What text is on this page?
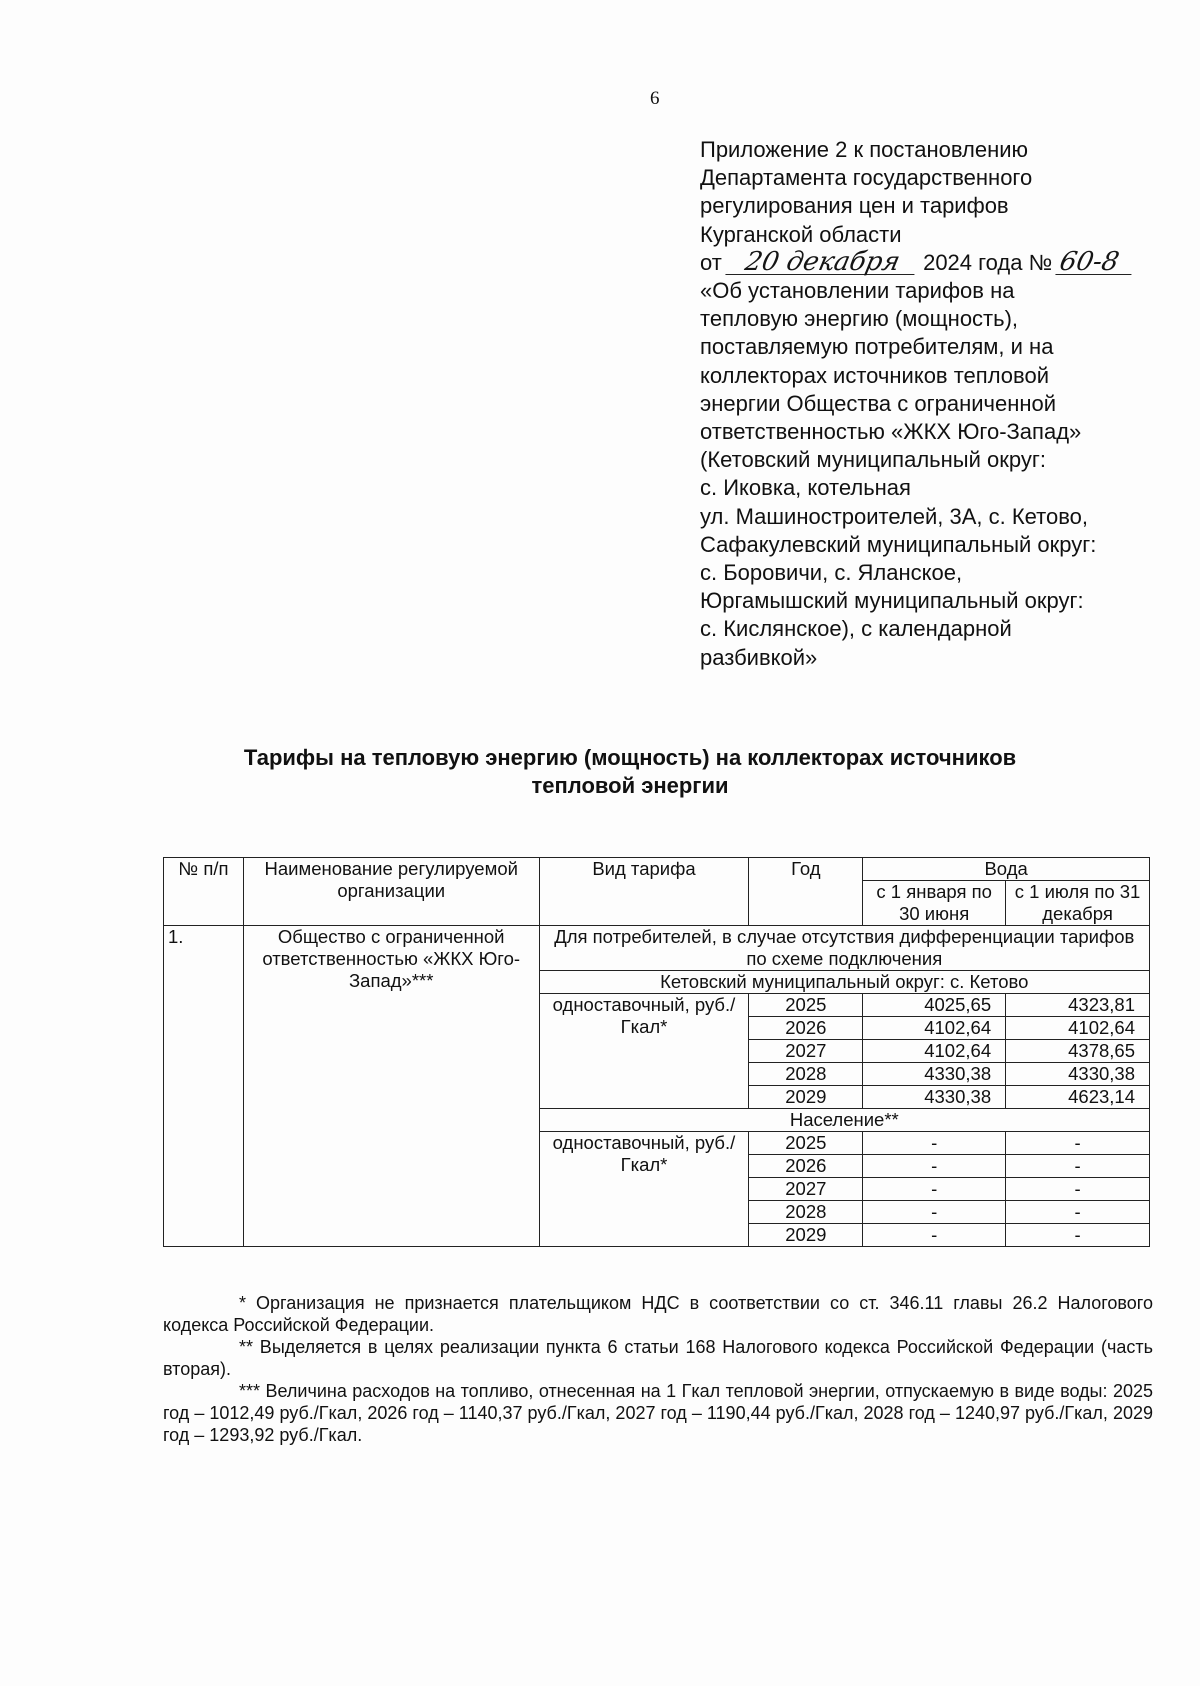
6
Приложение 2 к постановлению
Департамента государственного
регулирования цен и тарифов
Курганской области
от 20 декабря 2024 года № 60-8
«Об установлении тарифов на
тепловую энергию (мощность),
поставляемую потребителям, и на
коллекторах источников тепловой
энергии Общества с ограниченной
ответственностью «ЖКХ Юго-Запад»
(Кетовский муниципальный округ:
с. Иковка, котельная
ул. Машиностроителей, 3А, с. Кетово,
Сафакулевский муниципальный округ:
с. Боровичи, с. Яланское,
Юргамышский муниципальный округ:
с. Кислянское), с календарной
разбивкой»
Тарифы на тепловую энергию (мощность) на коллекторах источников
тепловой энергии
№ п/п	Наименование регулируемой организации	Вид тарифа	Год	Вода	
				с 1 января по 30 июня	с 1 июля по 31 декабря
1.	Общество с ограниченной ответственностью «ЖКХ Юго-Запад»***	Для потребителей, в случае отсутствия дифференциации тарифов по схеме подключения			
		Кетовский муниципальный округ: с. Кетово			
		одноставочный, руб./Гкал*	2025	4025,65	4323,81
			2026	4102,64	4102,64
			2027	4102,64	4378,65
			2028	4330,38	4330,38
			2029	4330,38	4623,14
		Население**			
		одноставочный, руб./Гкал*	2025	-	-
			2026	-	-
			2027	-	-
			2028	-	-
			2029	-	-

* Организация не признается плательщиком НДС в соответствии со ст. 346.11 главы 26.2 Налогового кодекса Российской Федерации.

** Выделяется в целях реализации пункта 6 статьи 168 Налогового кодекса Российской Федерации (часть вторая).

*** Величина расходов на топливо, отнесенная на 1 Гкал тепловой энергии, отпускаемую в виде воды: 2025 год – 1012,49 руб./Гкал, 2026 год – 1140,37 руб./Гкал, 2027 год – 1190,44 руб./Гкал, 2028 год – 1240,97 руб./Гкал, 2029 год – 1293,92 руб./Гкал.
